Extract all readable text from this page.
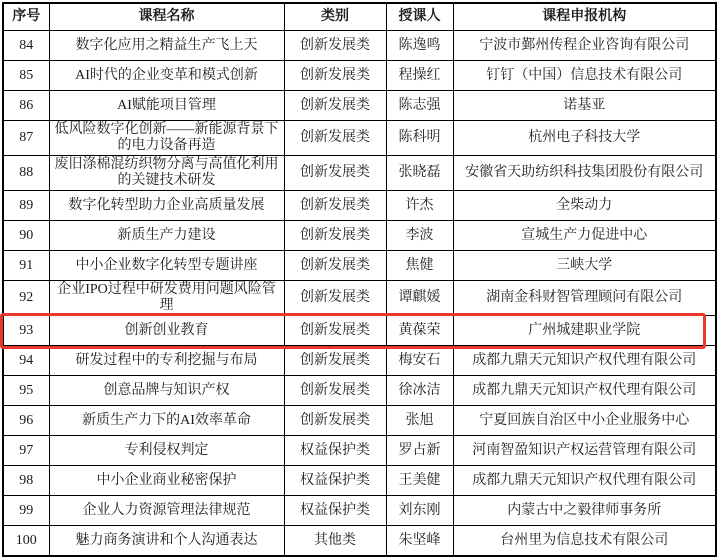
序号	课程名称	类别	授课人	课程申报机构
84	数字化应用之精益生产飞上天	创新发展类	陈逸鸣	宁波市鄞州传程企业咨询有限公司
85	AI时代的企业变革和模式创新	创新发展类	程操红	钉钉（中国）信息技术有限公司
86	AI赋能项目管理	创新发展类	陈志强	诺基亚
87	低风险数字化创新——新能源背景下的电力设备再造	创新发展类	陈科明	杭州电子科技大学
88	废旧涤棉混纺织物分离与高值化利用的关键技术研发	创新发展类	张晓磊	安徽省天助纺织科技集团股份有限公司
89	数字化转型助力企业高质量发展	创新发展类	许杰	全柴动力
90	新质生产力建设	创新发展类	李波	宣城生产力促进中心
91	中小企业数字化转型专题讲座	创新发展类	焦健	三峡大学
92	企业IPO过程中研发费用问题风险管理	创新发展类	谭麒媛	湖南金科财智管理顾问有限公司
93	创新创业教育	创新发展类	黄葆荣	广州城建职业学院
94	研发过程中的专利挖掘与布局	创新发展类	梅安石	成都九鼎天元知识产权代理有限公司
95	创意品牌与知识产权	创新发展类	徐冰洁	成都九鼎天元知识产权代理有限公司
96	新质生产力下的AI效率革命	创新发展类	张旭	宁夏回族自治区中小企业服务中心
97	专利侵权判定	权益保护类	罗占新	河南智盈知识产权运营管理有限公司
98	中小企业商业秘密保护	权益保护类	王美健	成都九鼎天元知识产权代理有限公司
99	企业人力资源管理法律规范	权益保护类	刘东刚	内蒙古中之毅律师事务所
100	魅力商务演讲和个人沟通表达	其他类	朱坚峰	台州里为信息技术有限公司
